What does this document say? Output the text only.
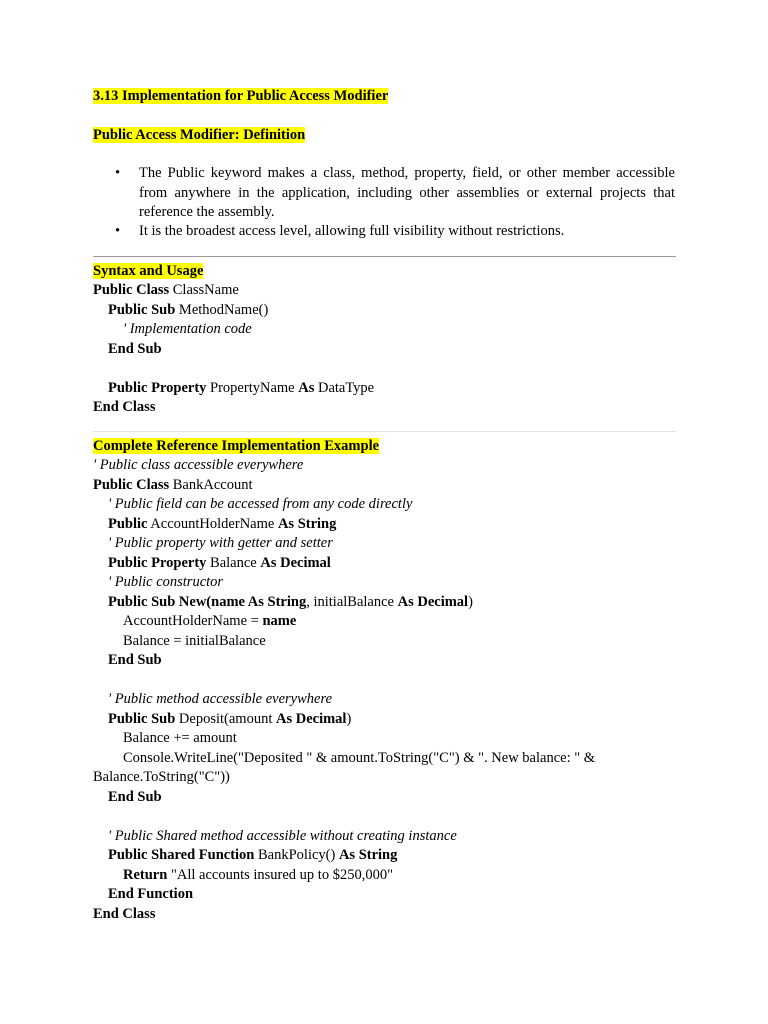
3.13 Implementation for Public Access Modifier
Public Access Modifier: Definition
•	The Public keyword makes a class, method, property, field, or other member accessible from anywhere in the application, including other assemblies or external projects that reference the assembly.
•	It is the broadest access level, allowing full visibility without restrictions.
Syntax and Usage
Public Class ClassName
Public Sub MethodName()
' Implementation code
End Sub
Public Property PropertyName As DataType
End Class
Complete Reference Implementation Example
' Public class accessible everywhere
Public Class BankAccount
' Public field can be accessed from any code directly
Public AccountHolderName As String
' Public property with getter and setter
Public Property Balance As Decimal
' Public constructor
Public Sub New(name As String, initialBalance As Decimal)
AccountHolderName = name
Balance = initialBalance
End Sub
' Public method accessible everywhere
Public Sub Deposit(amount As Decimal)
Balance += amount
Console.WriteLine("Deposited " & amount.ToString("C") & ". New balance: " & Balance.ToString("C"))
End Sub
' Public Shared method accessible without creating instance
Public Shared Function BankPolicy() As String
Return "All accounts insured up to $250,000"
End Function
End Class
